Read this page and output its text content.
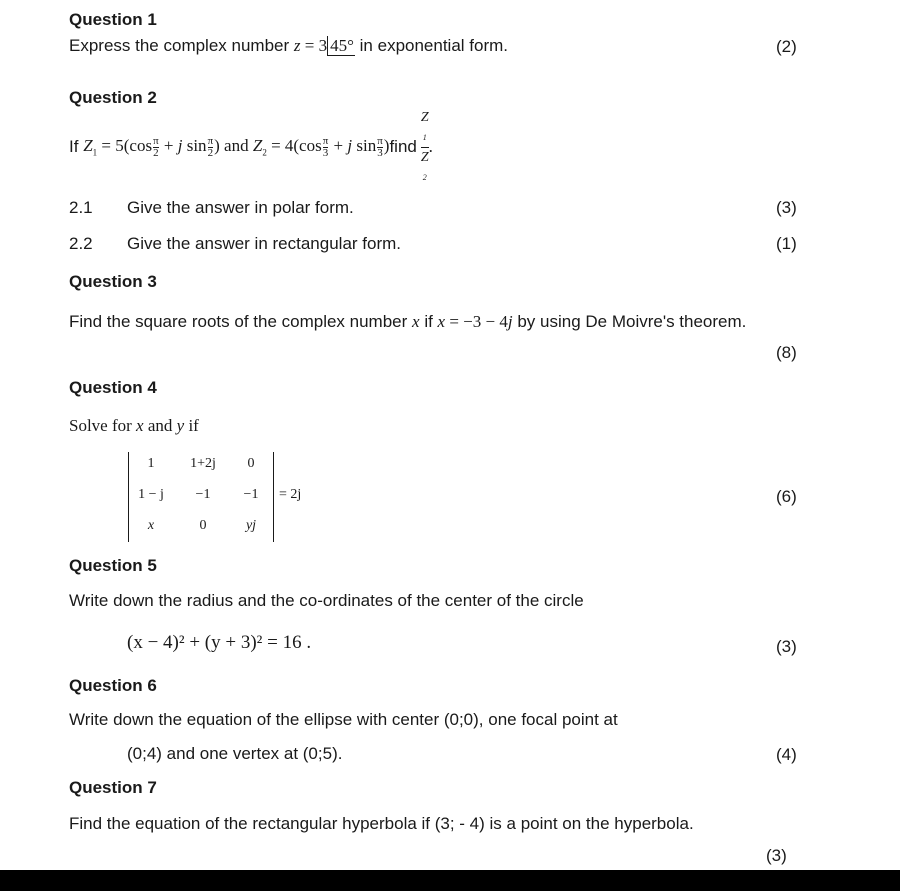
Question 1
Express the complex number z = 3 45° in exponential form.	(2)
Question 2
If
$Z_1 = 5(\cos \frac{\pi}{2} + j$ $\sin \frac{\pi}{2}$ ) and $Z_2 = 4(\cos \frac{\pi}{3} + j$ $\sin \frac{\pi}{3}$ ) find
Z
$_1$
Z
$_2$
.
2.1 Give the answer in polar form.	(3)
2.2 Give the answer in rectangular form.	(1)
Question 3
Find the square roots of the complex number x if x = −3 − 4j by using De Moivre's theorem.
(8)
Question 4
Solve for x and y if
1	1+2j	0
1 − j	−1	−1
x	0	yj
= 2j	(6)
Question 5
Write down the radius and the co-ordinates of the center of the circle
(x − 4)² + (y + 3)² = 16 .	(3)
Question 6
Write down the equation of the ellipse with center (0;0), one focal point at
(0;4) and one vertex at (0;5).	(4)
Question 7
Find the equation of the rectangular hyperbola if (3; - 4) is a point on the hyperbola.
(3)
